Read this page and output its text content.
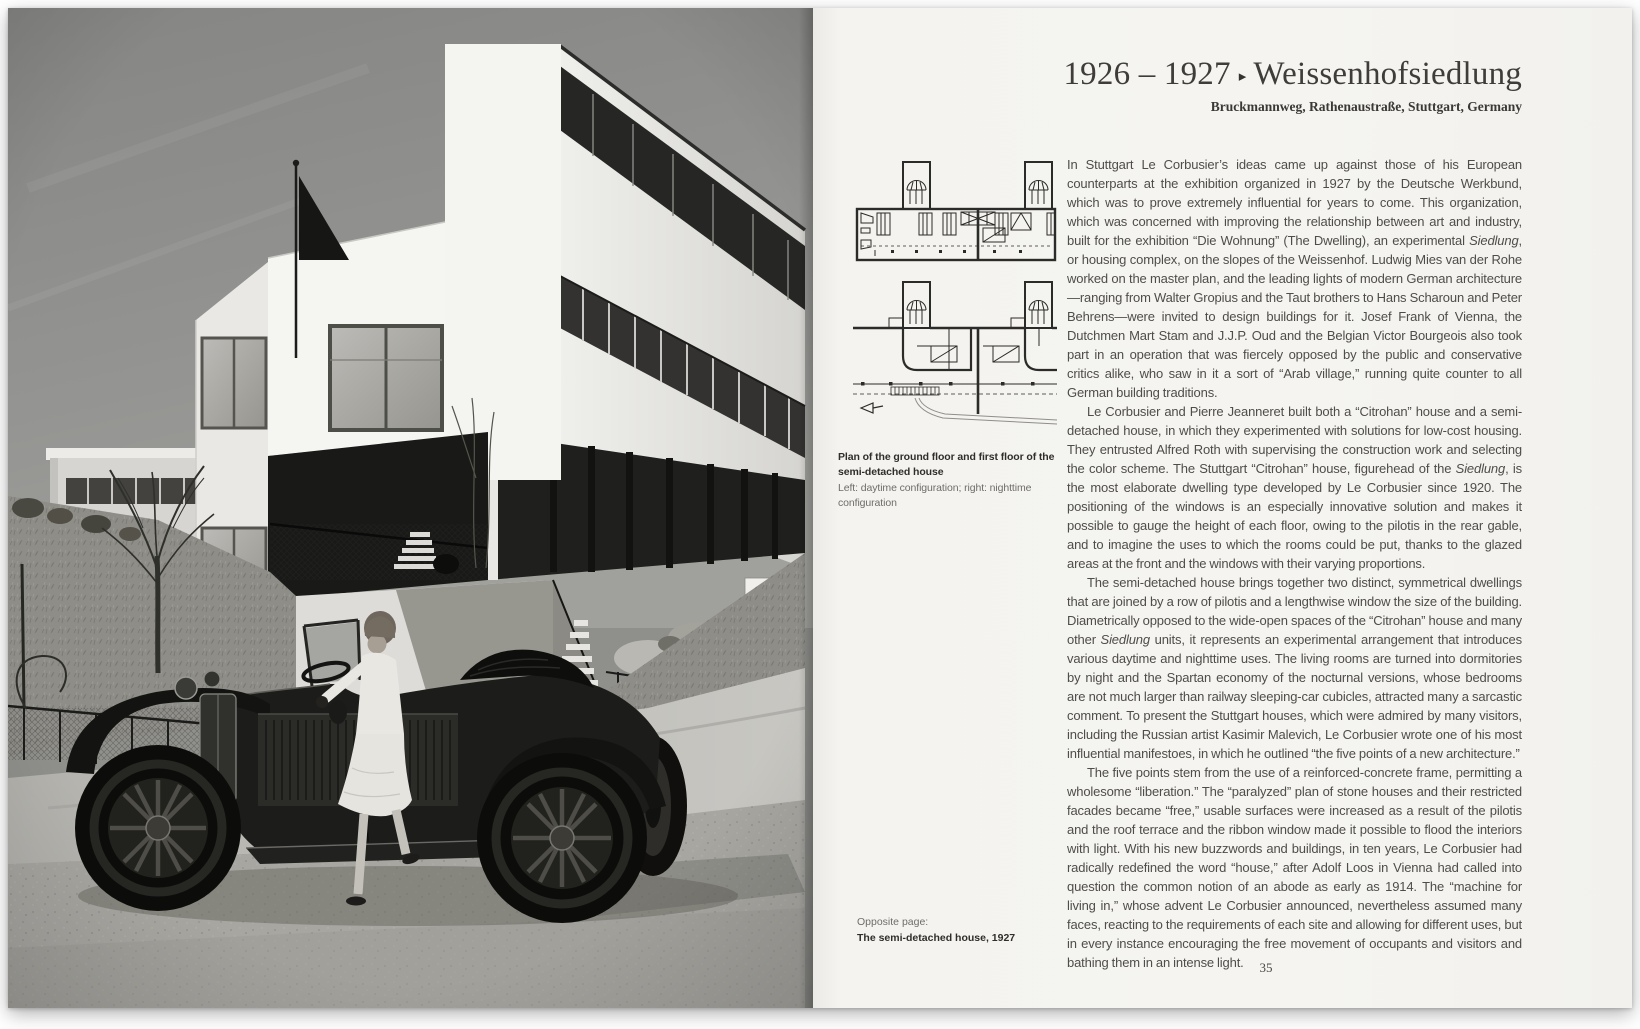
1926 – 1927 ▸ Weissenhofsiedlung
Bruckmannweg, Rathenaustraße, Stuttgart, Germany
Plan of the ground floor and first floor of the semi-detached house
Left: daytime configuration; right: nighttime configuration

In Stuttgart Le Corbusier’s ideas came up against those of his European counterparts at the exhibition organized in 1927 by the Deutsche Werkbund, which was to prove extremely influential for years to come. This organization, which was concerned with improving the relationship between art and industry, built for the exhibition “Die Wohnung” (The Dwelling), an experimental Siedlung, or housing complex, on the slopes of the Weissenhof. Ludwig Mies van der Rohe worked on the master plan, and the leading lights of modern German architecture—ranging from Walter Gropius and the Taut brothers to Hans Scharoun and Peter Behrens—were invited to design buildings for it. Josef Frank of Vienna, the Dutchmen Mart Stam and J.J.P. Oud and the Belgian Victor Bourgeois also took part in an operation that was fiercely opposed by the public and conservative critics alike, who saw in it a sort of “Arab village,” running quite counter to all German building traditions.

Le Corbusier and Pierre Jeanneret built both a “Citrohan” house and a semi-detached house, in which they experimented with solutions for low-cost housing. They entrusted Alfred Roth with supervising the construction work and selecting the color scheme. The Stuttgart “Citrohan” house, figurehead of the Siedlung, is the most elaborate dwelling type developed by Le Corbusier since 1920. The positioning of the windows is an especially innovative solution and makes it possible to gauge the height of each floor, owing to the pilotis in the rear gable, and to imagine the uses to which the rooms could be put, thanks to the glazed areas at the front and the windows with their varying proportions.

The semi-detached house brings together two distinct, symmetrical dwellings that are joined by a row of pilotis and a lengthwise window the size of the building. Diametrically opposed to the wide-open spaces of the “Citrohan” house and many other Siedlung units, it represents an experimental arrangement that introduces various daytime and nighttime uses. The living rooms are turned into dormitories by night and the Spartan economy of the nocturnal versions, whose bedrooms are not much larger than railway sleeping-car cubicles, attracted many a sarcastic comment. To present the Stuttgart houses, which were admired by many visitors, including the Russian artist Kasimir Malevich, Le Corbusier wrote one of his most influential manifestoes, in which he outlined “the five points of a new architecture.”

The five points stem from the use of a reinforced-concrete frame, permitting a wholesome “liberation.” The “paralyzed” plan of stone houses and their restricted facades became “free,” usable surfaces were increased as a result of the pilotis and the roof terrace and the ribbon window made it possible to flood the interiors with light. With his new buzzwords and buildings, in ten years, Le Corbusier had radically redefined the word “house,” after Adolf Loos in Vienna had called into question the common notion of an abode as early as 1914. The “machine for living in,” whose advent Le Corbusier announced, nevertheless assumed many faces, reacting to the requirements of each site and allowing for different uses, but in every instance encouraging the free movement of occupants and visitors and bathing them in an intense light.

Opposite page:
The semi-detached house, 1927
35
